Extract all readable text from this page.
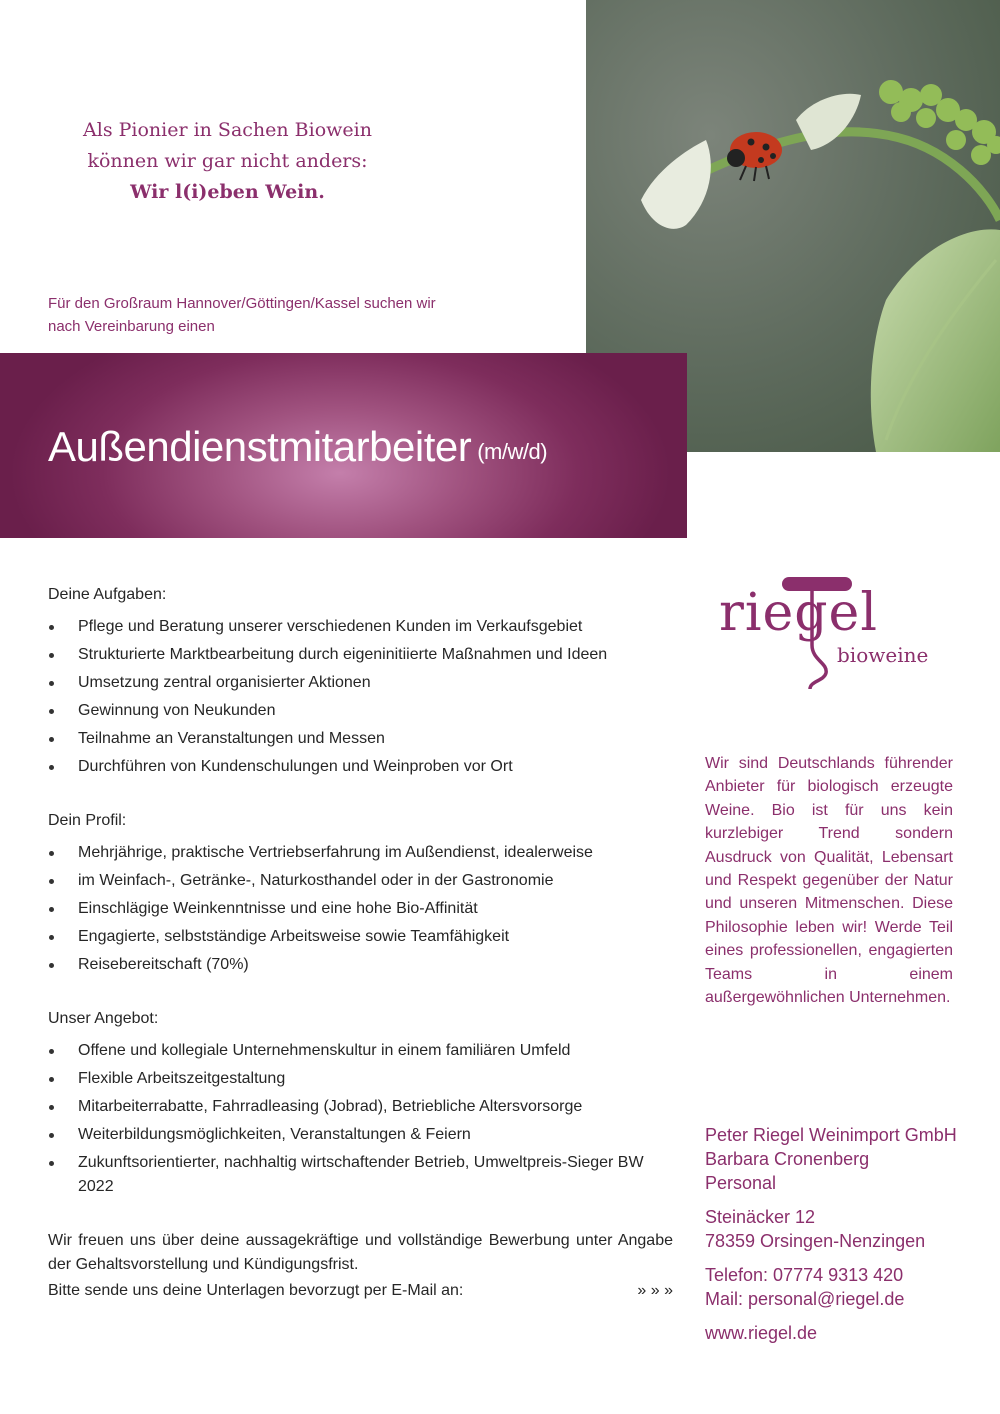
Als Pionier in Sachen Biowein
können wir gar nicht anders:
Wir l(i)eben Wein.
Für den Großraum Hannover/Göttingen/Kassel suchen wir
nach Vereinbarung einen
Außendienstmitarbeiter (m/w/d)
Deine Aufgaben:
Pflege und Beratung unserer verschiedenen Kunden im Verkaufsgebiet
Strukturierte Marktbearbeitung durch eigeninitiierte Maßnahmen und Ideen
Umsetzung zentral organisierter Aktionen
Gewinnung von Neukunden
Teilnahme an Veranstaltungen und Messen
Durchführen von Kundenschulungen und Weinproben vor Ort
Dein Profil:
Mehrjährige, praktische Vertriebserfahrung im Außendienst, idealerweise
im Weinfach-, Getränke-, Naturkosthandel oder in der Gastronomie
Einschlägige Weinkenntnisse und eine hohe Bio-Affinität
Engagierte, selbstständige Arbeitsweise sowie Teamfähigkeit
Reisebereitschaft (70%)
Unser Angebot:
Offene und kollegiale Unternehmenskultur in einem familiären Umfeld
Flexible Arbeitszeitgestaltung
Mitarbeiterrabatte, Fahrradleasing (Jobrad), Betriebliche Altersvorsorge
Weiterbildungsmöglichkeiten, Veranstaltungen & Feiern
Zukunftsorientierter, nachhaltig wirtschaftender Betrieb, Umweltpreis-Sieger BW 2022
Wir freuen uns über deine aussagekräftige und vollständige Bewerbung unter Angabe der Gehaltsvorstellung und Kündigungsfrist.
Bitte sende uns deine Unterlagen bevorzugt per E-Mail an:	» » »
riegel
bioweine
Wir sind Deutschlands führender Anbieter für biologisch erzeugte Weine. Bio ist für uns kein kurzlebiger Trend sondern Ausdruck von Qualität, Lebensart und Respekt gegenüber der Natur und unseren Mitmenschen. Diese Philosophie leben wir! Werde Teil eines professionellen, engagierten Teams in einem außergewöhnlichen Unternehmen.
Peter Riegel Weinimport GmbH
Barbara Cronenberg
Personal
Steinäcker 12
78359 Orsingen-Nenzingen
Telefon: 07774 9313 420
Mail: personal@riegel.de
www.riegel.de
